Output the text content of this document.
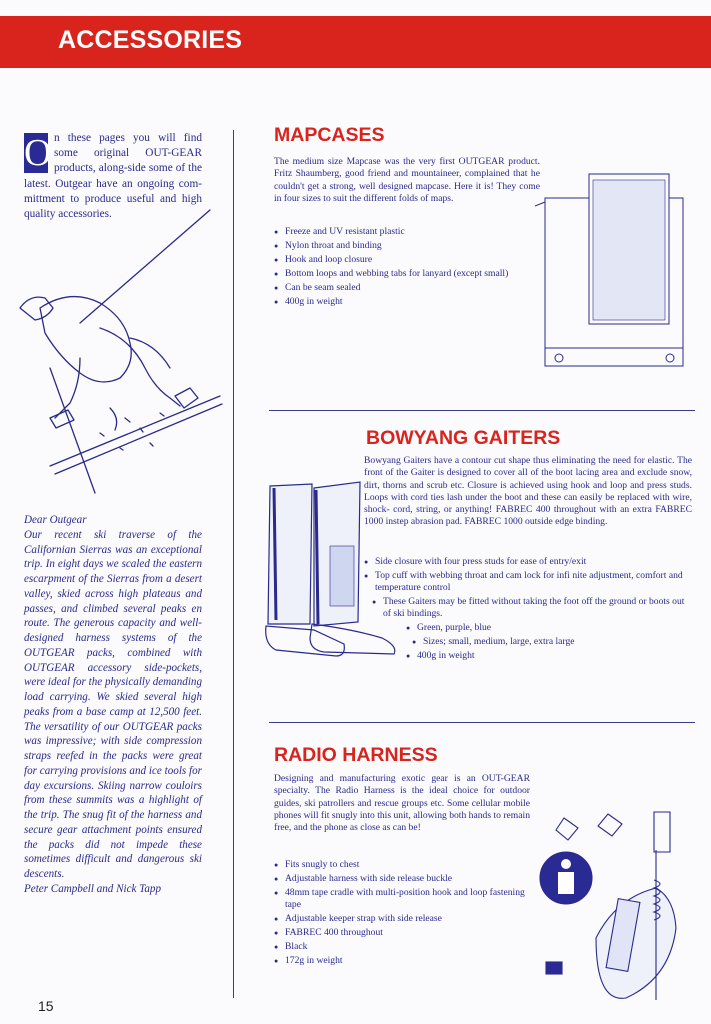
ACCESSORIES
O n these pages you will find some original OUT-GEAR products, along-side some of the latest. Outgear have an ongoing com-mittment to produce useful and high quality accessories.

Dear Outgear

Our recent ski traverse of the Californian Sierras was an exceptional trip. In eight days we scaled the eastern escarpment of the Sierras from a desert valley, skied across high plateaus and passes, and climbed several peaks en route. The generous capacity and well-designed harness systems of the OUTGEAR packs, combined with OUTGEAR accessory side-pockets, were ideal for the physically demanding load carrying. We skied several high peaks from a base camp at 12,500 feet. The versatility of our OUTGEAR packs was impressive; with side compression straps reefed in the packs were great for carrying provisions and ice tools for day excursions. Skiing narrow couloirs from these summits was a highlight of the trip. The snug fit of the harness and secure gear attachment points ensured the packs did not impede these sometimes difficult and dangerous ski descents.

Peter Campbell and Nick Tapp

15
MAPCASES

The medium size Mapcase was the very first OUTGEAR product. Fritz Shaumberg, good friend and mountaineer, complained that he couldn't get a strong, well designed mapcase. Here it is! They come in four sizes to suit the different folds of maps.

● Freeze and UV resistant plastic
● Nylon throat and binding
● Hook and loop closure
● Bottom loops and webbing tabs for lanyard (except small)
● Can be seam sealed
● 400g in weight
BOWYANG GAITERS

Bowyang Gaiters have a contour cut shape thus eliminating the need for elastic. The front of the Gaiter is designed to cover all of the boot lacing area and exclude snow, dirt, thorns and scrub etc. Closure is achieved using hook and loop and press studs. Loops with cord ties lash under the boot and these can easily be replaced with wire, shock- cord, string, or anything! FABREC 400 throughout with an extra FABREC 1000 instep abrasion pad. FABREC 1000 outside edge binding.

● Side closure with four press studs for ease of entry/exit
● Top cuff with webbing throat and cam lock for infi nite adjustment, comfort and temperature control
● These Gaiters may be fitted without taking the foot off the ground or boots out of ski bindings.
● Green, purple, blue
● Sizes; small, medium, large, extra large
● 400g in weight
RADIO HARNESS

Designing and manufacturing exotic gear is an OUT-GEAR specialty. The Radio Harness is the ideal choice for outdoor guides, ski patrollers and rescue groups etc. Some cellular mobile phones will fit snugly into this unit, allowing both hands to remain free, and the phone as close as can be!

● Fits snugly to chest
● Adjustable harness with side release buckle
● 48mm tape cradle with multi-position hook and loop fastening tape
● Adjustable keeper strap with side release
● FABREC 400 throughout
● Black
● 172g in weight
